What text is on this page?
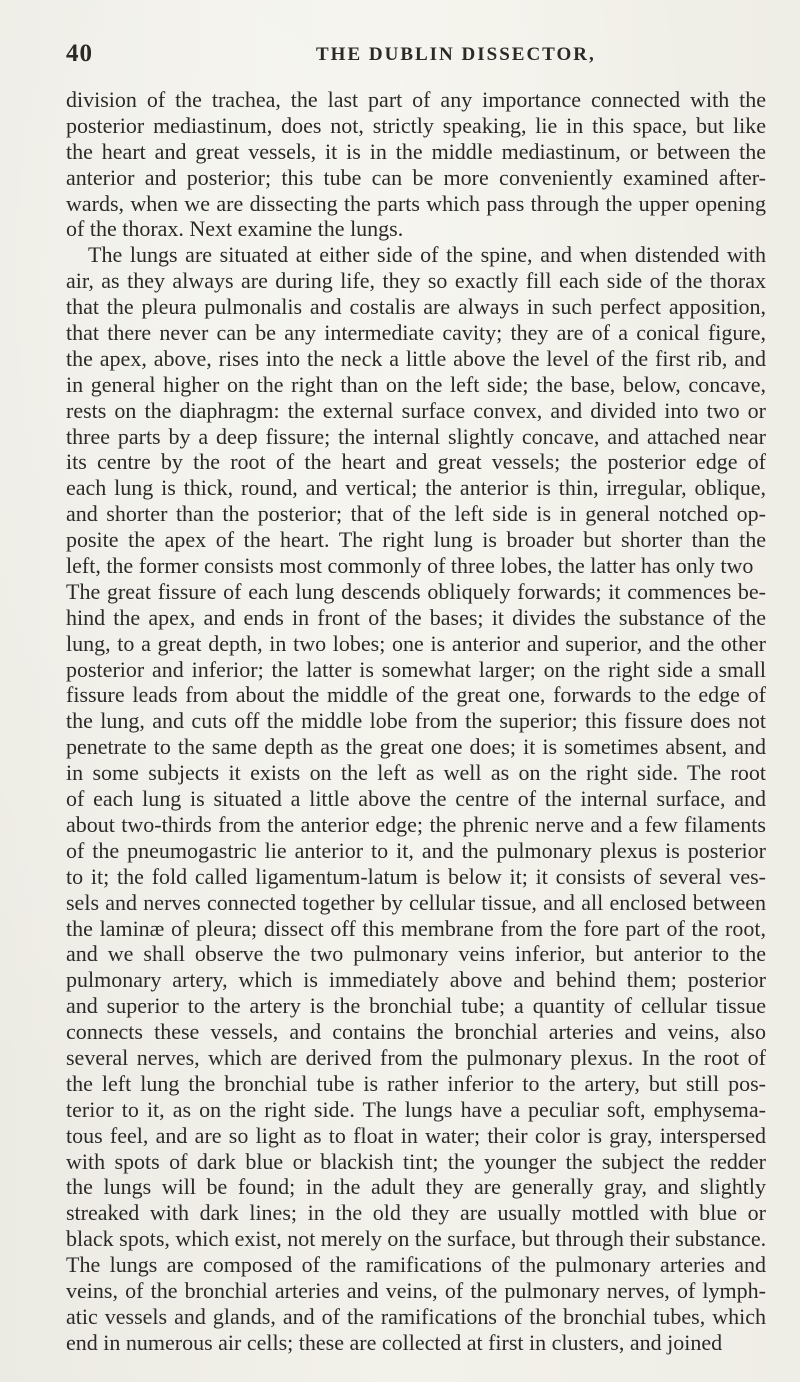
40	THE DUBLIN DISSECTOR,
division of the trachea, the last part of any importance connected with the
posterior mediastinum, does not, strictly speaking, lie in this space, but like
the heart and great vessels, it is in the middle mediastinum, or between the
anterior and posterior; this tube can be more conveniently examined after-
wards, when we are dissecting the parts which pass through the upper opening
of the thorax. Next examine the lungs.
The lungs are situated at either side of the spine, and when distended with
air, as they always are during life, they so exactly fill each side of the thorax
that the pleura pulmonalis and costalis are always in such perfect apposition,
that there never can be any intermediate cavity; they are of a conical figure,
the apex, above, rises into the neck a little above the level of the first rib, and
in general higher on the right than on the left side; the base, below, concave,
rests on the diaphragm: the external surface convex, and divided into two or
three parts by a deep fissure; the internal slightly concave, and attached near
its centre by the root of the heart and great vessels; the posterior edge of
each lung is thick, round, and vertical; the anterior is thin, irregular, oblique,
and shorter than the posterior; that of the left side is in general notched op-
posite the apex of the heart. The right lung is broader but shorter than the
left, the former consists most commonly of three lobes, the latter has only two
The great fissure of each lung descends obliquely forwards; it commences be-
hind the apex, and ends in front of the bases; it divides the substance of the
lung, to a great depth, in two lobes; one is anterior and superior, and the other
posterior and inferior; the latter is somewhat larger; on the right side a small
fissure leads from about the middle of the great one, forwards to the edge of
the lung, and cuts off the middle lobe from the superior; this fissure does not
penetrate to the same depth as the great one does; it is sometimes absent, and
in some subjects it exists on the left as well as on the right side. The root
of each lung is situated a little above the centre of the internal surface, and
about two-thirds from the anterior edge; the phrenic nerve and a few filaments
of the pneumogastric lie anterior to it, and the pulmonary plexus is posterior
to it; the fold called ligamentum-latum is below it; it consists of several ves-
sels and nerves connected together by cellular tissue, and all enclosed between
the laminæ of pleura; dissect off this membrane from the fore part of the root,
and we shall observe the two pulmonary veins inferior, but anterior to the
pulmonary artery, which is immediately above and behind them; posterior
and superior to the artery is the bronchial tube; a quantity of cellular tissue
connects these vessels, and contains the bronchial arteries and veins, also
several nerves, which are derived from the pulmonary plexus. In the root of
the left lung the bronchial tube is rather inferior to the artery, but still pos-
terior to it, as on the right side. The lungs have a peculiar soft, emphysema-
tous feel, and are so light as to float in water; their color is gray, interspersed
with spots of dark blue or blackish tint; the younger the subject the redder
the lungs will be found; in the adult they are generally gray, and slightly
streaked with dark lines; in the old they are usually mottled with blue or
black spots, which exist, not merely on the surface, but through their substance.
The lungs are composed of the ramifications of the pulmonary arteries and
veins, of the bronchial arteries and veins, of the pulmonary nerves, of lymph-
atic vessels and glands, and of the ramifications of the bronchial tubes, which
end in numerous air cells; these are collected at first in clusters, and joined
